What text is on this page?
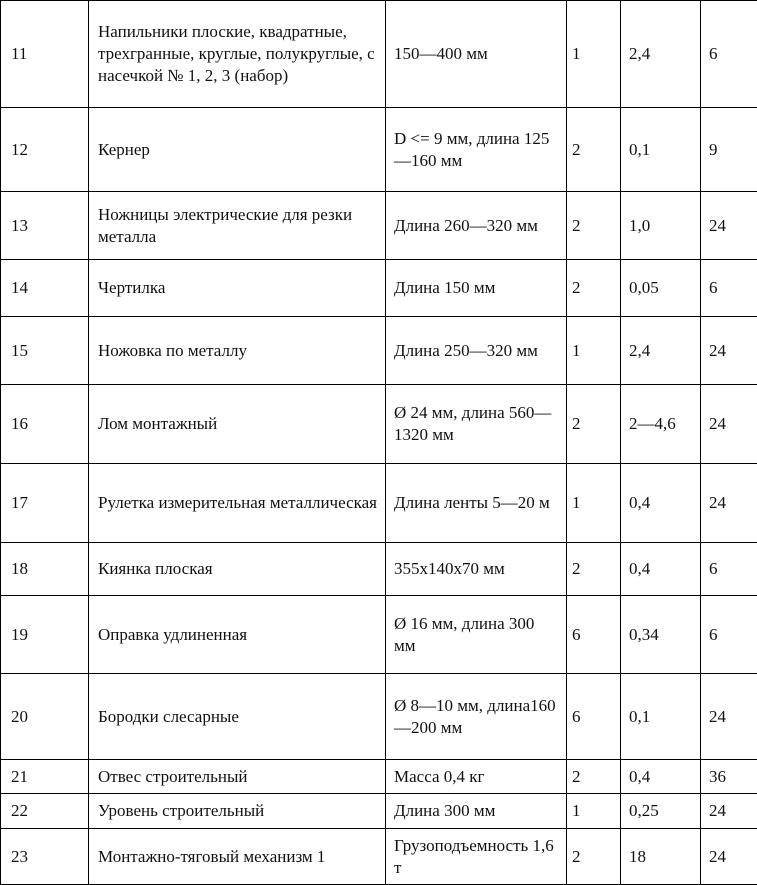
11	Напильники плоские, квадратные, трехгранные, круглые, полукруглые, с насечкой № 1, 2, 3 (набор)	150—400 мм	1	2,4	6
12	Кернер	D <= 9 мм, длина 125—160 мм	2	0,1	9
13	Ножницы электрические для резки металла	Длина 260—320 мм	2	1,0	24
14	Чертилка	Длина 150 мм	2	0,05	6
15	Ножовка по металлу	Длина 250—320 мм	1	2,4	24
16	Лом монтажный	Ø 24 мм, длина 560—1320 мм	2	2—4,6	24
17	Рулетка измерительная металлическая	Длина ленты 5—20 м	1	0,4	24
18	Киянка плоская	355x140x70 мм	2	0,4	6
19	Оправка удлиненная	Ø 16 мм, длина 300 мм	6	0,34	6
20	Бородки слесарные	Ø 8—10 мм, длина160—200 мм	6	0,1	24
21	Отвес строительный	Масса 0,4 кг	2	0,4	36
22	Уровень строительный	Длина 300 мм	1	0,25	24
23	Монтажно-тяговый механизм 1	Грузоподъемность 1,6 т	2	18	24
